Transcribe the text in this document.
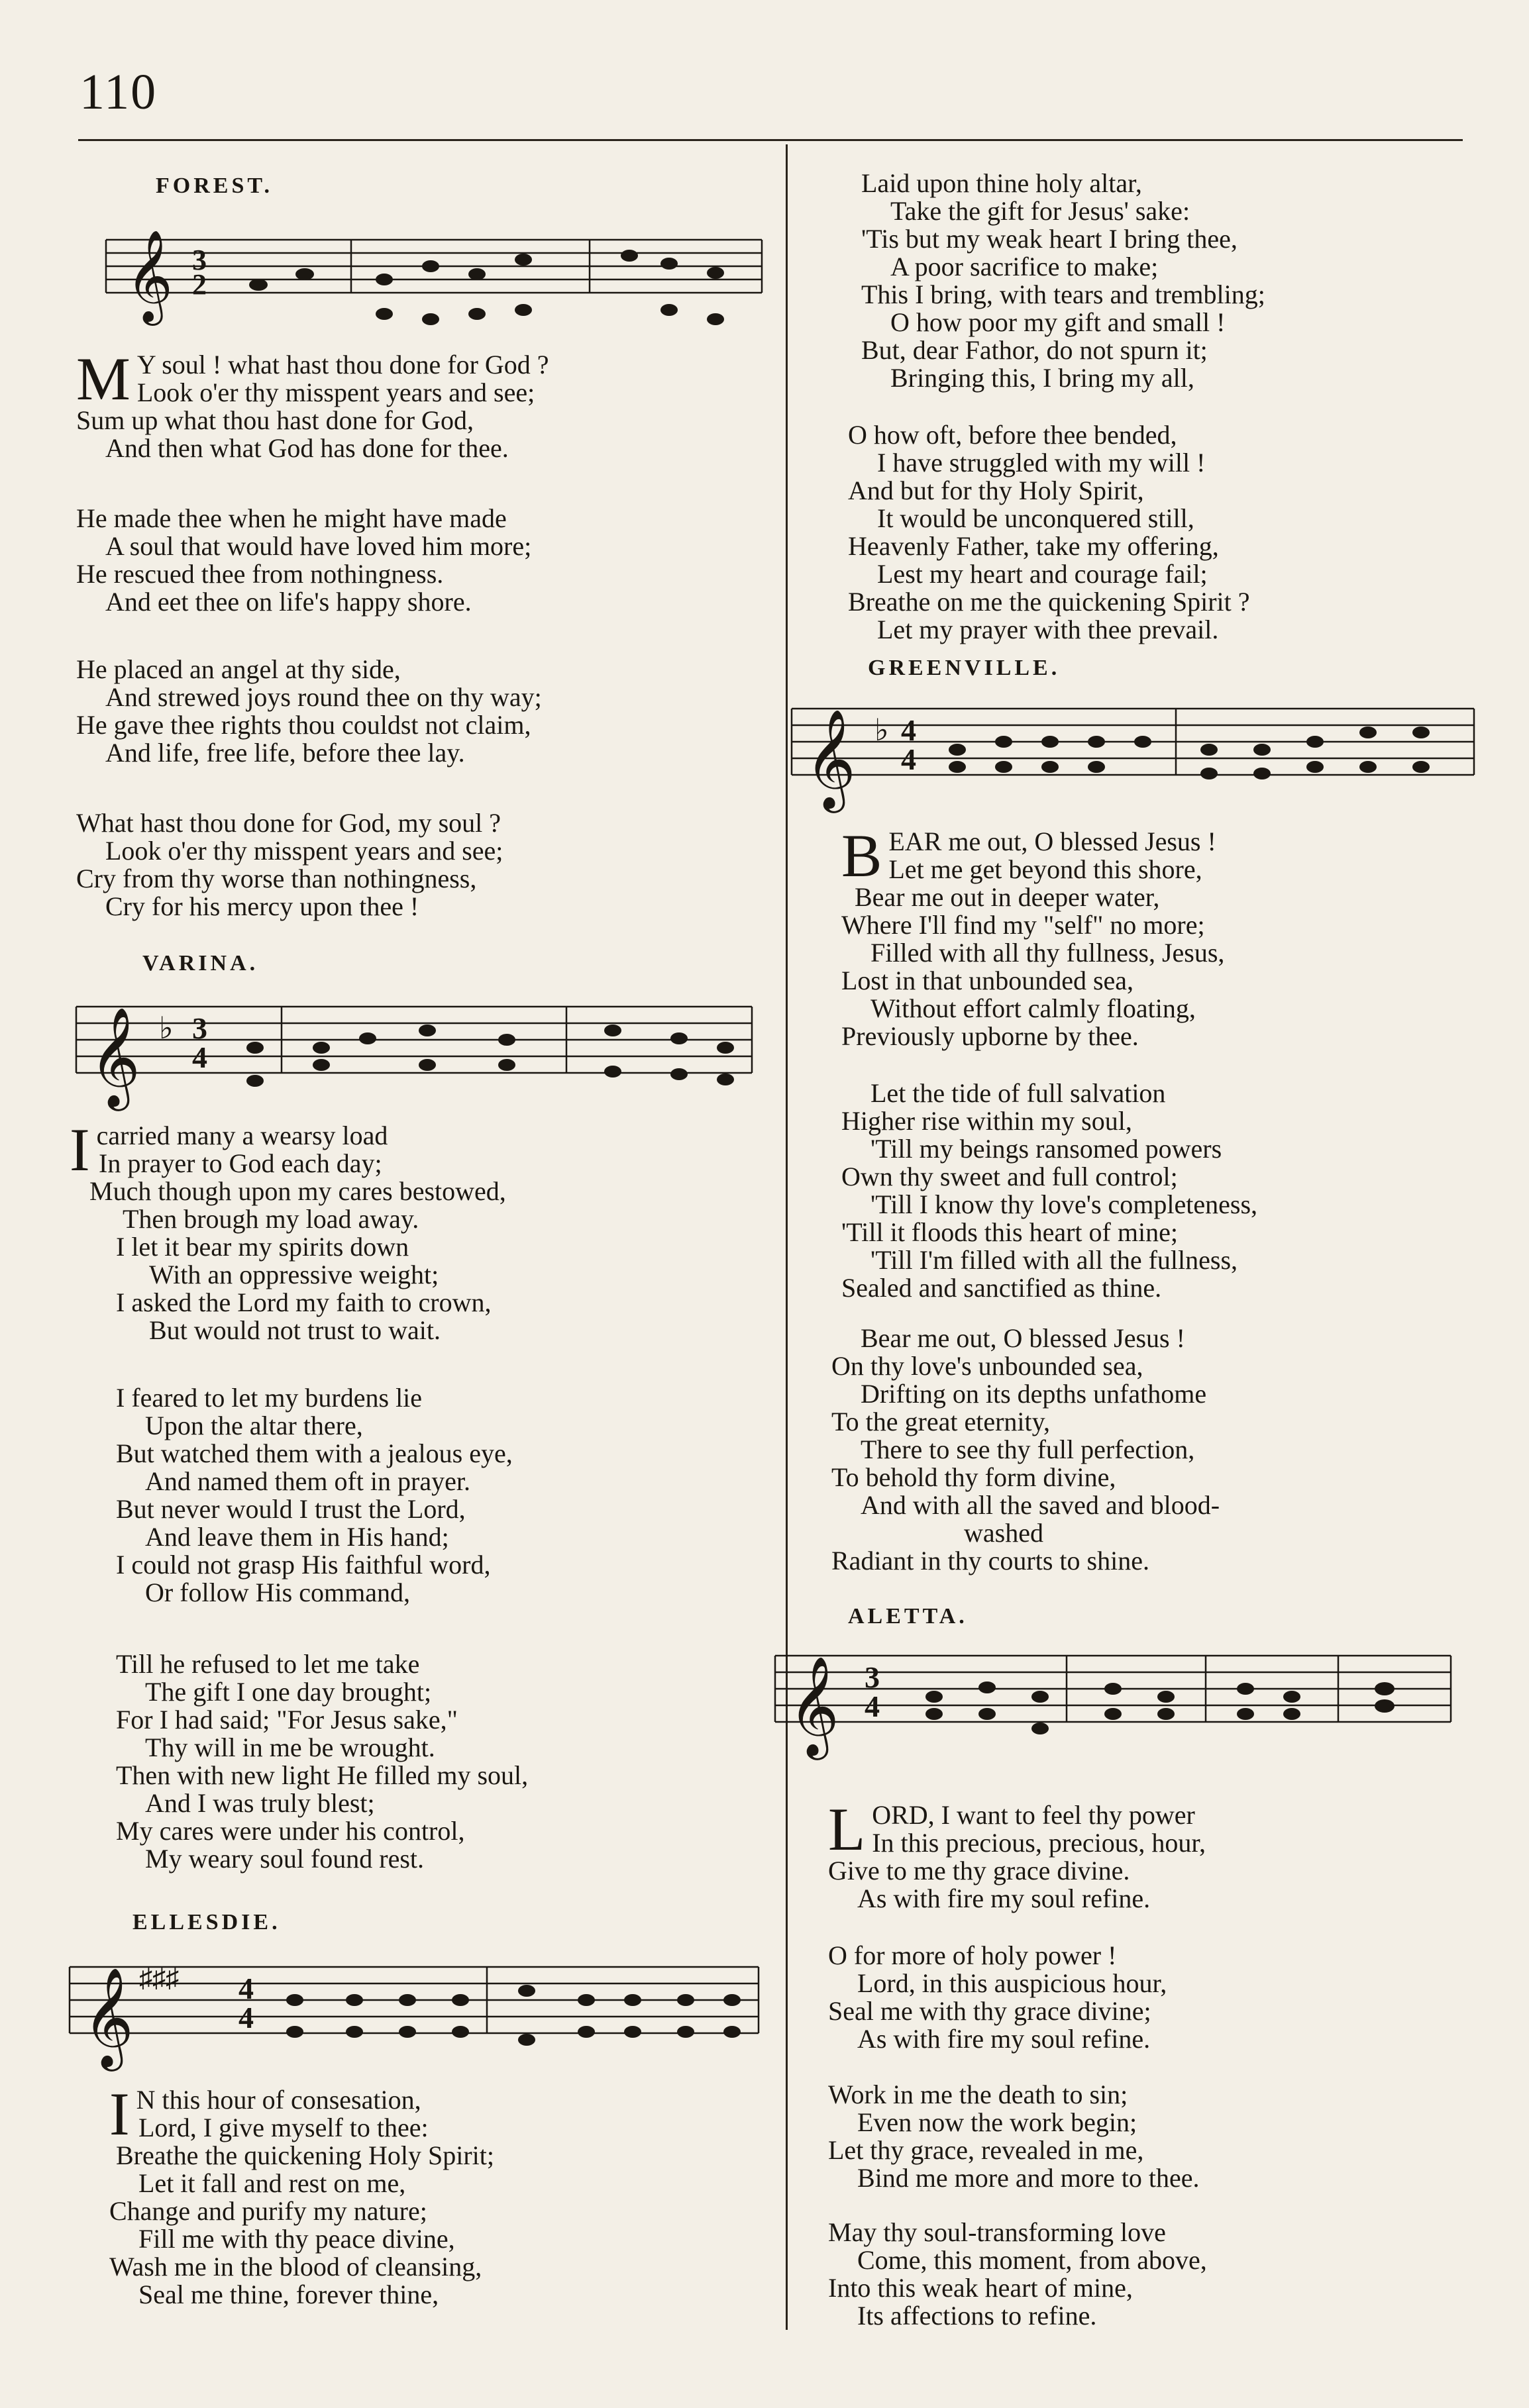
110
FOREST.
𝄞 3
2
M Y soul ! what hast thou done for God ?
Look o'er thy misspent years and see;
Sum up what thou hast done for God,
And then what God has done for thee.
He made thee when he might have made
A soul that would have loved him more;
He rescued thee from nothingness.
And eet thee on life's happy shore.
He placed an angel at thy side,
And strewed joys round thee on thy way;
He gave thee rights thou couldst not claim,
And life, free life, before thee lay.
What hast thou done for God, my soul ?
Look o'er thy misspent years and see;
Cry from thy worse than nothingness,
Cry for his mercy upon thee !
VARINA.
𝄞 ♭ 3
4
I carried many a wearsy load
In prayer to God each day;
Much though upon my cares bestowed,
Then brough my load away.
I let it bear my spirits down
With an oppressive weight;
I asked the Lord my faith to crown,
But would not trust to wait.
I feared to let my burdens lie
Upon the altar there,
But watched them with a jealous eye,
And named them oft in prayer.
But never would I trust the Lord,
And leave them in His hand;
I could not grasp His faithful word,
Or follow His command,
Till he refused to let me take
The gift I one day brought;
For I had said; "For Jesus sake,"
Thy will in me be wrought.
Then with new light He filled my soul,
And I was truly blest;
My cares were under his control,
My weary soul found rest.
ELLESDIE.
𝄞 ♯♯♯ 4
4
I N this hour of consesation,
Lord, I give myself to thee:
Breathe the quickening Holy Spirit;
Let it fall and rest on me,
Change and purify my nature;
Fill me with thy peace divine,
Wash me in the blood of cleansing,
Seal me thine, forever thine,
Laid upon thine holy altar,
Take the gift for Jesus' sake:
'Tis but my weak heart I bring thee,
A poor sacrifice to make;
This I bring, with tears and trembling;
O how poor my gift and small !
But, dear Fathor, do not spurn it;
Bringing this, I bring my all,
O how oft, before thee bended,
I have struggled with my will !
And but for thy Holy Spirit,
It would be unconquered still,
Heavenly Father, take my offering,
Lest my heart and courage fail;
Breathe on me the quickening Spirit ?
Let my prayer with thee prevail.
GREENVILLE.
𝄞 ♭ 4
4
B EAR me out, O blessed Jesus !
Let me get beyond this shore,
Bear me out in deeper water,
Where I'll find my "self" no more;
Filled with all thy fullness, Jesus,
Lost in that unbounded sea,
Without effort calmly floating,
Previously upborne by thee.
Let the tide of full salvation
Higher rise within my soul,
'Till my beings ransomed powers
Own thy sweet and full control;
'Till I know thy love's completeness,
'Till it floods this heart of mine;
'Till I'm filled with all the fullness,
Sealed and sanctified as thine.
Bear me out, O blessed Jesus !
On thy love's unbounded sea,
Drifting on its depths unfathome
To the great eternity,
There to see thy full perfection,
To behold thy form divine,
And with all the saved and blood-
washed
Radiant in thy courts to shine.
ALETTA.
𝄞 3
4
L ORD, I want to feel thy power
In this precious, precious, hour,
Give to me thy grace divine.
As with fire my soul refine.
O for more of holy power !
Lord, in this auspicious hour,
Seal me with thy grace divine;
As with fire my soul refine.
Work in me the death to sin;
Even now the work begin;
Let thy grace, revealed in me,
Bind me more and more to thee.
May thy soul-transforming love
Come, this moment, from above,
Into this weak heart of mine,
Its affections to refine.
